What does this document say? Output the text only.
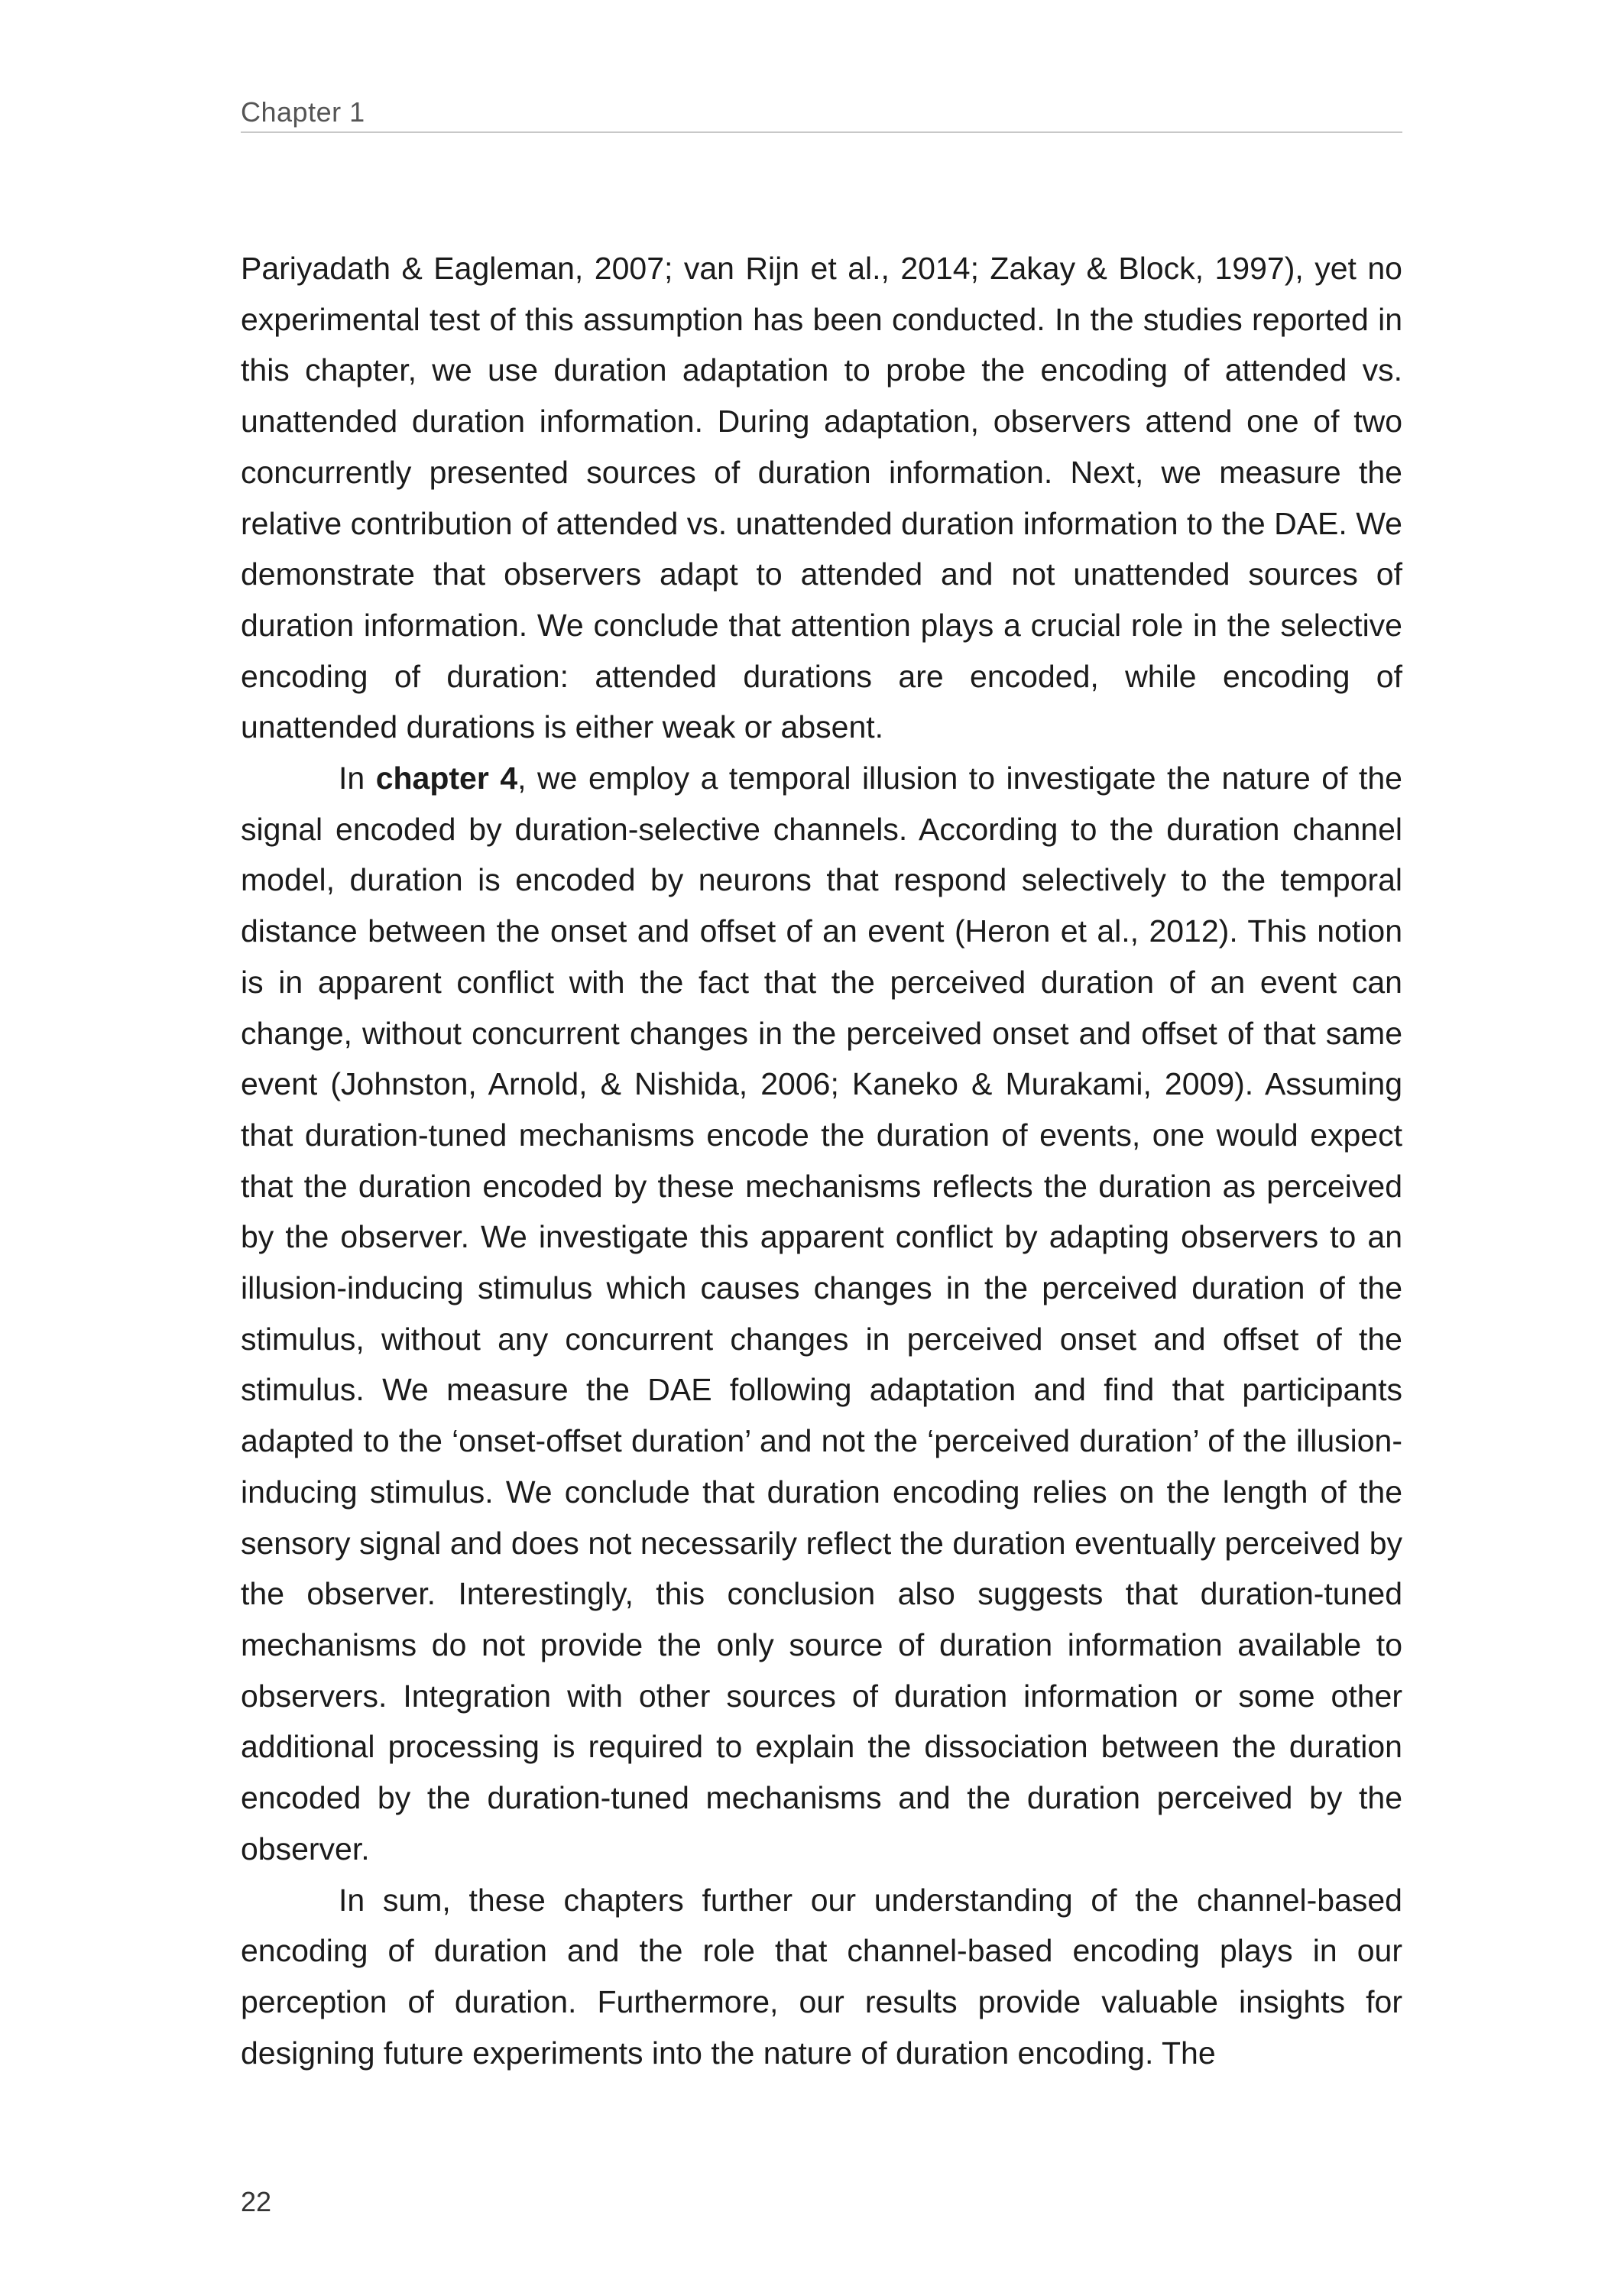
Chapter 1

Pariyadath & Eagleman, 2007; van Rijn et al., 2014; Zakay & Block, 1997), yet no experimental test of this assumption has been conducted. In the studies reported in this chapter, we use duration adaptation to probe the encoding of attended vs. unattended duration information. During adaptation, observers attend one of two concurrently presented sources of duration information. Next, we measure the relative contribution of attended vs. unattended duration information to the DAE. We demonstrate that observers adapt to attended and not unattended sources of duration information. We conclude that attention plays a crucial role in the selective encoding of duration: attended durations are encoded, while encoding of unattended durations is either weak or absent.

In chapter 4, we employ a temporal illusion to investigate the nature of the signal encoded by duration-selective channels. According to the duration channel model, duration is encoded by neurons that respond selectively to the temporal distance between the onset and offset of an event (Heron et al., 2012). This notion is in apparent conflict with the fact that the perceived duration of an event can change, without concurrent changes in the perceived onset and offset of that same event (Johnston, Arnold, & Nishida, 2006; Kaneko & Murakami, 2009). Assuming that duration-tuned mechanisms encode the duration of events, one would expect that the duration encoded by these mechanisms reflects the duration as perceived by the observer. We investigate this apparent conflict by adapting observers to an illusion-inducing stimulus which causes changes in the perceived duration of the stimulus, without any concurrent changes in perceived onset and offset of the stimulus. We measure the DAE following adaptation and find that participants adapted to the ‘onset-offset duration’ and not the ‘perceived duration’ of the illusion-inducing stimulus. We conclude that duration encoding relies on the length of the sensory signal and does not necessarily reflect the duration eventually perceived by the observer. Interestingly, this conclusion also suggests that duration-tuned mechanisms do not provide the only source of duration information available to observers. Integration with other sources of duration information or some other additional processing is required to explain the dissociation between the duration encoded by the duration-tuned mechanisms and the duration perceived by the observer.

In sum, these chapters further our understanding of the channel-based encoding of duration and the role that channel-based encoding plays in our perception of duration. Furthermore, our results provide valuable insights for designing future experiments into the nature of duration encoding. The

22
